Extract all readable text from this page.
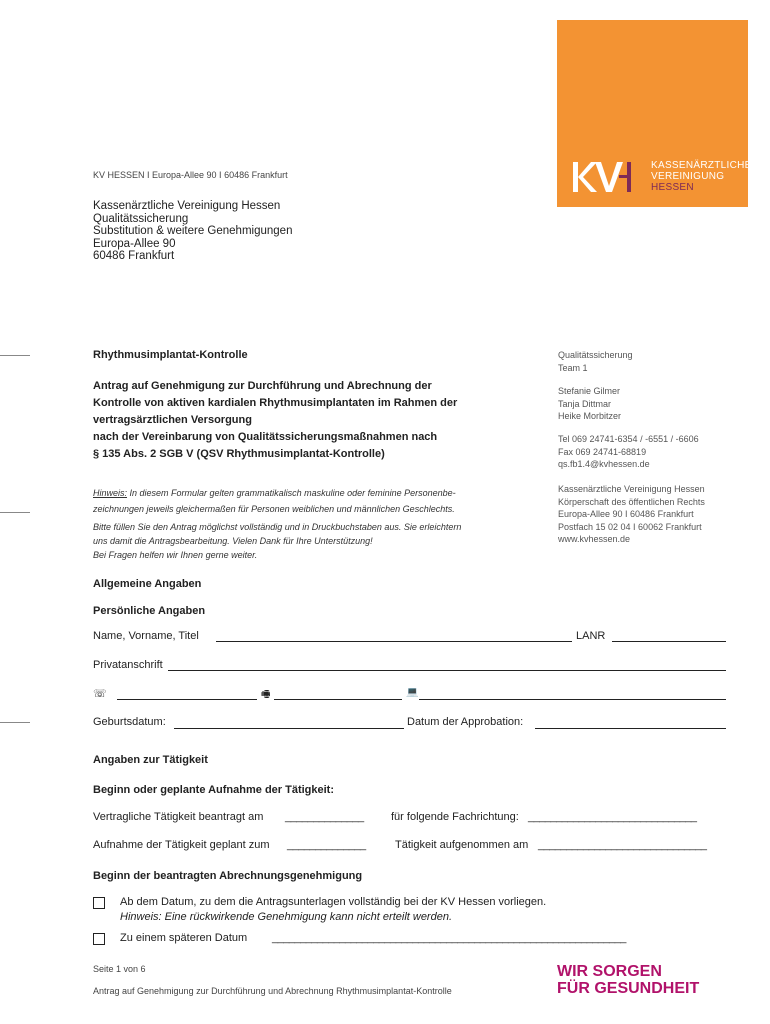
KASSENÄRZTLICHE
VEREINIGUNG
HESSEN
KV HESSEN I Europa-Allee 90 I 60486 Frankfurt
Kassenärztliche Vereinigung Hessen
Qualitätssicherung
Substitution & weitere Genehmigungen
Europa-Allee 90
60486 Frankfurt
Rhythmusimplantat-Kontrolle
Antrag auf Genehmigung zur Durchführung und Abrechnung der
Kontrolle von aktiven kardialen Rhythmusimplantaten im Rahmen der
vertragsärztlichen Versorgung
nach der Vereinbarung von Qualitätssicherungsmaßnahmen nach
§ 135 Abs. 2 SGB V (QSV Rhythmusimplantat-Kontrolle)
Qualitätssicherung
Team 1
Stefanie Gilmer
Tanja Dittmar
Heike Morbitzer
Tel 069 24741-6354 / -6551 / -6606
Fax 069 24741-68819
qs.fb1.4@kvhessen.de
Kassenärztliche Vereinigung Hessen
Körperschaft des öffentlichen Rechts
Europa-Allee 90 I 60486 Frankfurt
Postfach 15 02 04 I 60062 Frankfurt
www.kvhessen.de
Hinweis: In diesem Formular gelten grammatikalisch maskuline oder feminine Personenbe-
zeichnungen jeweils gleichermaßen für Personen weiblichen und männlichen Geschlechts.
Bitte füllen Sie den Antrag möglichst vollständig und in Druckbuchstaben aus. Sie erleichtern
uns damit die Antragsbearbeitung. Vielen Dank für Ihre Unterstützung!
Bei Fragen helfen wir Ihnen gerne weiter.
Allgemeine Angaben
Persönliche Angaben
Name, Vorname, Titel	LANR
Privatanschrift
☏	🖷	💻
Geburtsdatum:	Datum der Approbation:
Angaben zur Tätigkeit
Beginn oder geplante Aufnahme der Tätigkeit:
Vertragliche Tätigkeit beantragt am ______________ für folgende Fachrichtung: ______________________________
Aufnahme der Tätigkeit geplant zum ______________	Tätigkeit aufgenommen am ______________________________
Beginn der beantragten Abrechnungsgenehmigung
Ab dem Datum, zu dem die Antragsunterlagen vollständig bei der KV Hessen vorliegen.
Hinweis: Eine rückwirkende Genehmigung kann nicht erteilt werden.
Zu einem späteren Datum _______________________________________________________________
Seite 1 von 6
Antrag auf Genehmigung zur Durchführung und Abrechnung Rhythmusimplantat-Kontrolle
WIR SORGEN
FÜR GESUNDHEIT
